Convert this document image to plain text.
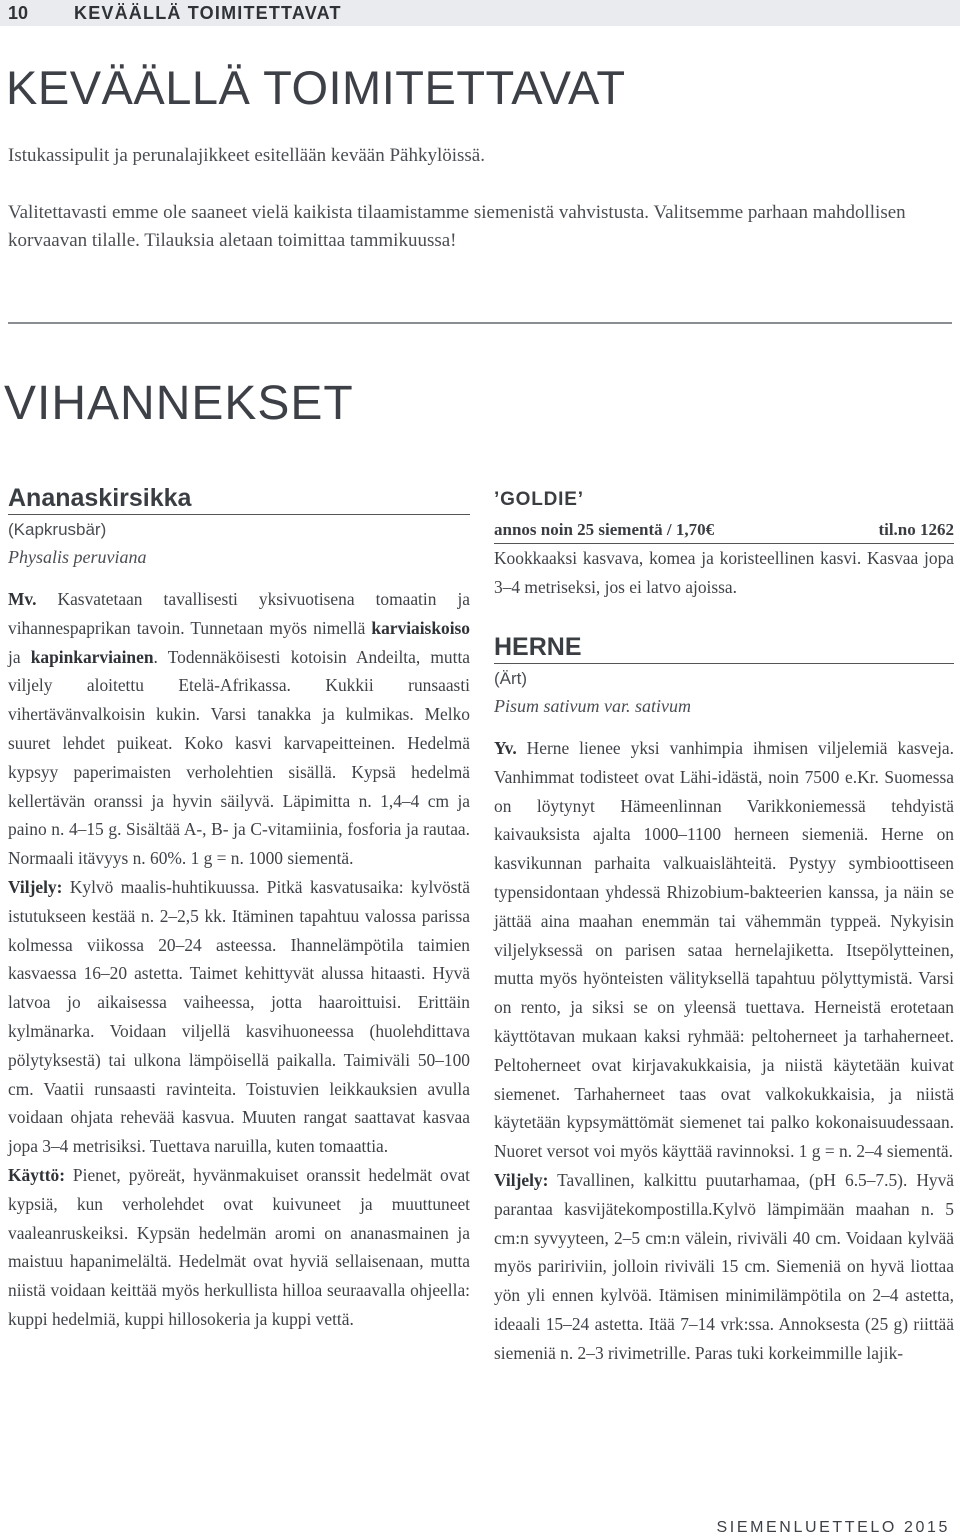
10	KEVÄÄLLÄ TOIMITETTAVAT
KEVÄÄLLÄ TOIMITETTAVAT

Istukassipulit ja perunalajikkeet esitellään kevään Pähkylöissä.

Valitettavasti emme ole saaneet vielä kaikista tilaamistamme siemenistä vahvistusta. Valitsemme parhaan mahdollisen korvaavan tilalle. Tilauksia aletaan toimittaa tammikuussa!

VIHANNEKSET
Ananaskirsikka

(Kapkrusbär)

Physalis peruviana

Mv. Kasvatetaan tavallisesti yksivuotisena tomaatin ja vihannespaprikan tavoin. Tunnetaan myös nimellä karviaiskoiso ja kapinkarviainen. Todennäköisesti kotoisin Andeilta, mutta viljely aloitettu Etelä-Afrikassa. Kukkii runsaasti vihertävänvalkoisin kukin. Varsi tanakka ja kulmikas. Melko suuret lehdet puikeat. Koko kasvi karvapeitteinen. Hedelmä kypsyy paperimaisten verholehtien sisällä. Kypsä hedelmä kellertävän oranssi ja hyvin säilyvä. Läpimitta n. 1,4–4 cm ja paino n. 4–15 g. Sisältää A-, B- ja C-vitamiinia, fosforia ja rautaa. Normaali itävyys n. 60%. 1 g = n. 1000 siementä.

Viljely: Kylvö maalis-huhtikuussa. Pitkä kasvatusaika: kylvöstä istutukseen kestää n. 2–2,5 kk. Itäminen tapahtuu valossa parissa kolmessa viikossa 20–24 asteessa. Ihannelämpötila taimien kasvaessa 16–20 astetta. Taimet kehittyvät alussa hitaasti. Hyvä latvoa jo aikaisessa vaiheessa, jotta haaroittuisi. Erittäin kylmänarka. Voidaan viljellä kasvihuoneessa (huolehdittava pölytyksestä) tai ulkona lämpöisellä paikalla. Taimiväli 50–100 cm. Vaatii runsaasti ravinteita. Toistuvien leikkauksien avulla voidaan ohjata rehevää kasvua. Muuten rangat saattavat kasvaa jopa 3–4 metrisiksi. Tuettava naruilla, kuten tomaattia.

Käyttö: Pienet, pyöreät, hyvänmakuiset oranssit hedelmät ovat kypsiä, kun verholehdet ovat kuivuneet ja muuttuneet vaaleanruskeiksi. Kypsän hedelmän aromi on ananasmainen ja maistuu hapanimelältä. Hedelmät ovat hyviä sellaisenaan, mutta niistä voidaan keittää myös herkullista hilloa seuraavalla ohjeella: kuppi hedelmiä, kuppi hillosokeria ja kuppi vettä.

’GOLDIE’
annos noin 25 siementä / 1,70€	til.no 1262

Kookkaaksi kasvava, komea ja koristeellinen kasvi. Kasvaa jopa 3–4 metriseksi, jos ei latvo ajoissa.

HERNE

(Ärt)

Pisum sativum var. sativum

Yv. Herne lienee yksi vanhimpia ihmisen viljelemiä kasveja. Vanhimmat todisteet ovat Lähi-idästä, noin 7500 e.Kr. Suomessa on löytynyt Hämeenlinnan Varikkoniemessä tehdyistä kaivauksista ajalta 1000–1100 herneen siemeniä. Herne on kasvikunnan parhaita valkuaislähteitä. Pystyy symbioottiseen typensidontaan yhdessä Rhizobium-bakteerien kanssa, ja näin se jättää aina maahan enemmän tai vähemmän typpeä. Nykyisin viljelyksessä on parisen sataa hernelajiketta. Itsepölytteinen, mutta myös hyönteisten välityksellä tapahtuu pölyttymistä. Varsi on rento, ja siksi se on yleensä tuettava. Herneistä erotetaan käyttötavan mukaan kaksi ryhmää: peltoherneet ja tarhaherneet. Peltoherneet ovat kirjavakukkaisia, ja niistä käytetään kuivat siemenet. Tarhaherneet taas ovat valkokukkaisia, ja niistä käytetään kypsymättömät siemenet tai palko kokonaisuudessaan. Nuoret versot voi myös käyttää ravinnoksi. 1 g = n. 2–4 siementä.

Viljely: Tavallinen, kalkittu puutarhamaa, (pH 6.5–7.5). Hyvä parantaa kasvijätekompostilla.Kylvö lämpimään maahan n. 5 cm:n syvyyteen, 2–5 cm:n välein, riviväli 40 cm. Voidaan kylvää myös paririviin, jolloin riviväli 15 cm. Siemeniä on hyvä liottaa yön yli ennen kylvöä. Itämisen minimilämpötila on 2–4 astetta, ideaali 15–24 astetta. Itää 7–14 vrk:ssa. Annoksesta (25 g) riittää siemeniä n. 2–3 rivimetrille. Paras tuki korkeimmille lajik-

SIEMENLUETTELO 2015
